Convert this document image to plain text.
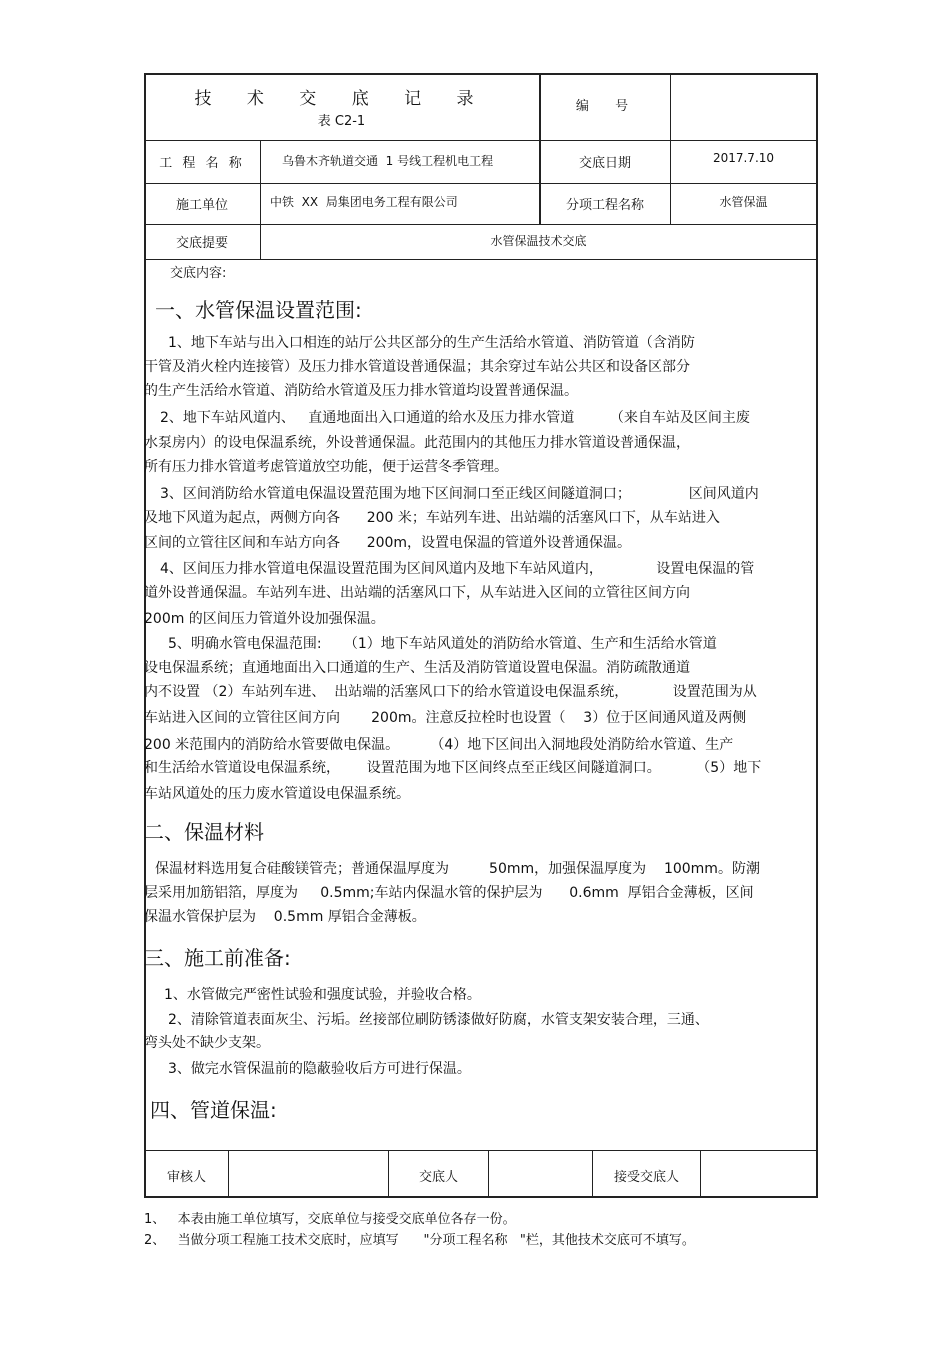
技 术 交 底 记 录
表 C2-1
编  号
工 程 名 称	乌鲁木齐轨道交通  1 号线工程机电工程	交底日期	2017.7.10
施工单位	中铁  XX  局集团电务工程有限公司	分项工程名称	水管保温
交底提要	水管保温技术交底
交底内容:
一、水管保温设置范围:
1、地下车站与出入口相连的站厅公共区部分的生产生活给水管道、消防管道（含消防
干管及消火栓内连接管）及压力排水管道设普通保温；其余穿过车站公共区和设备区部分
的生产生活给水管道、消防给水管道及压力排水管道均设置普通保温。
2、地下车站风道内、   直通地面出入口通道的给水及压力排水管道        （来自车站及区间主废
水泵房内）的设电保温系统，外设普通保温。此范围内的其他压力排水管道设普通保温，
所有压力排水管道考虑管道放空功能，便于运营冬季管理。
3、区间消防给水管道电保温设置范围为地下区间洞口至正线区间隧道洞口；             区间风道内
及地下风道为起点，两侧方向各      200 米；车站列车进、出站端的活塞风口下，从车站进入
区间的立管往区间和车站方向各      200m，设置电保温的管道外设普通保温。
4、区间压力排水管道电保温设置范围为区间风道内及地下车站风道内，            设置电保温的管
道外设普通保温。车站列车进、出站端的活塞风口下，从车站进入区间的立管往区间方向
200m 的区间压力管道外设加强保温。
5、明确水管电保温范围:     （1）地下车站风道处的消防给水管道、生产和生活给水管道
设电保温系统；直通地面出入口通道的生产、生活及消防管道设置电保温。消防疏散通道
内不设置 （2）车站列车进、  出站端的活塞风口下的给水管道设电保温系统，          设置范围为从
车站进入区间的立管往区间方向       200m。注意反拉栓时也设置（    3）位于区间通风道及两侧
200 米范围内的消防给水管要做电保温。       （4）地下区间出入洞地段处消防给水管道、生产
和生活给水管道设电保温系统，      设置范围为地下区间终点至正线区间隧道洞口。        （5）地下
车站风道处的压力废水管道设电保温系统。
二、保温材料
保温材料选用复合硅酸镁管壳；普通保温厚度为         50mm，加强保温厚度为    100mm。防潮
层采用加筋铝箔，厚度为     0.5mm;车站内保温水管的保护层为      0.6mm  厚铝合金薄板，区间
保温水管保护层为    0.5mm 厚铝合金薄板。
三、施工前准备:
1、水管做完严密性试验和强度试验，并验收合格。
2、清除管道表面灰尘、污垢。丝接部位刷防锈漆做好防腐，水管支架安装合理，三通、
弯头处不缺少支架。
3、做完水管保温前的隐蔽验收后方可进行保温。
四、管道保温:
审核人	交底人	接受交底人
1、   本表由施工单位填写，交底单位与接受交底单位各存一份。
2、   当做分项工程施工技术交底时，应填写      "分项工程名称   "栏，其他技术交底可不填写。
